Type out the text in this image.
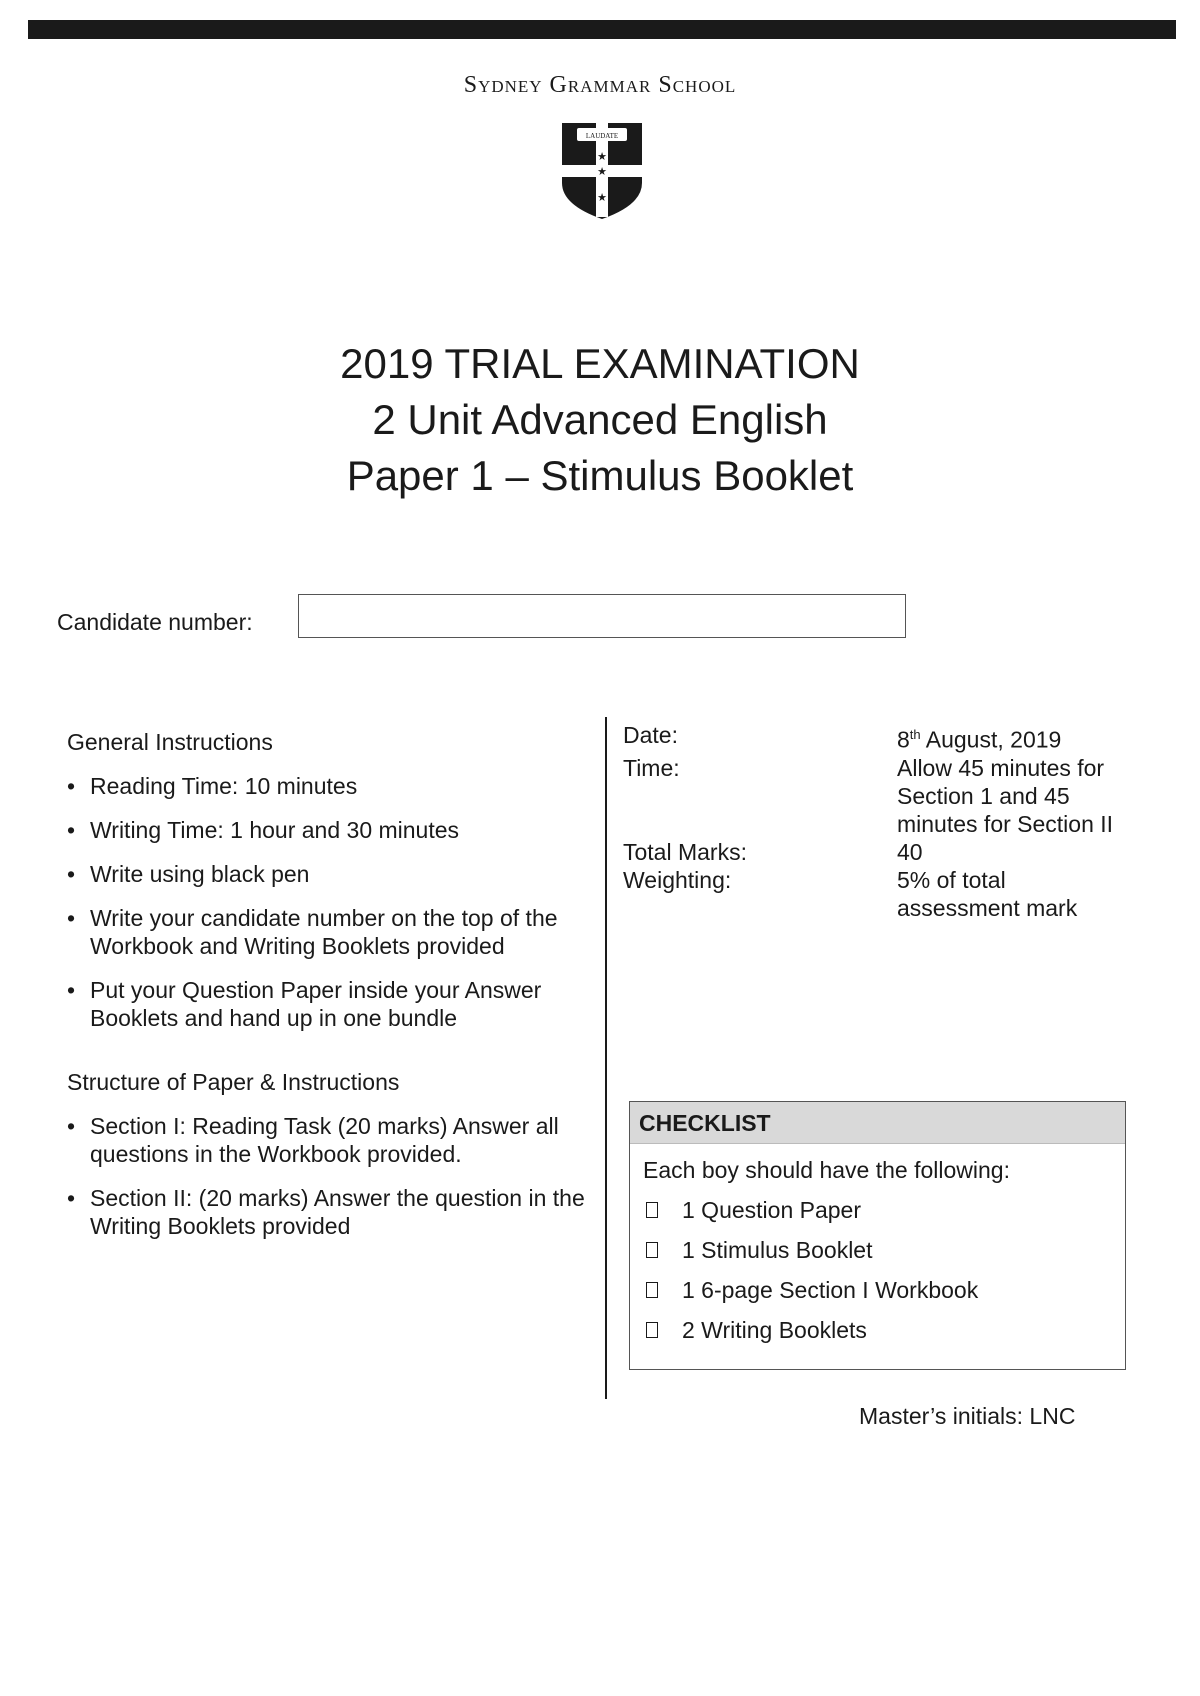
Sydney Grammar School
LAUDATE
★
★ ★ ★
★
2019 TRIAL EXAMINATION
2 Unit Advanced English
Paper 1 – Stimulus Booklet
Candidate number:
General Instructions
• Reading Time: 10 minutes
• Writing Time: 1 hour and 30 minutes
• Write using black pen
• Write your candidate number on the top of the Workbook and Writing Booklets provided
• Put your Question Paper inside your Answer Booklets and hand up in one bundle
Structure of Paper & Instructions
• Section I: Reading Task (20 marks) Answer all questions in the Workbook provided.
• Section II: (20 marks) Answer the question in the Writing Booklets provided
Date:	8th August, 2019
Time:	Allow 45 minutes for Section 1 and 45 minutes for Section II
Total Marks:	40
Weighting:	5% of total assessment mark
CHECKLIST
Each boy should have the following:
1 Question Paper
1 Stimulus Booklet
1 6-page Section I Workbook
2 Writing Booklets
Master’s initials: LNC
